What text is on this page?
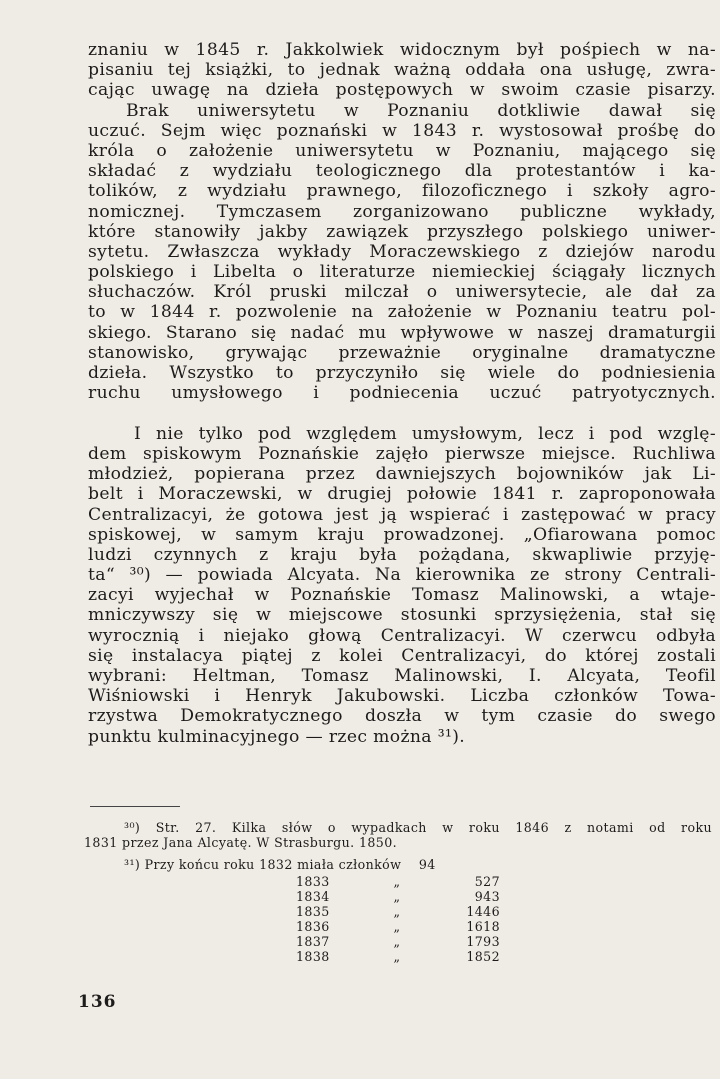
znaniu w 1845 r. Jakkolwiek widocznym był pośpiech w na-
pisaniu tej książki, to jednak ważną oddała ona usługę, zwra-
cając uwagę na dzieła postępowych w swoim czasie pisarzy.
Brak uniwersytetu w Poznaniu dotkliwie dawał się
uczuć. Sejm więc poznański w 1843 r. wystosował prośbę do
króla o założenie uniwersytetu w Poznaniu, mającego się
składać z wydziału teologicznego dla protestantów i ka-
tolików, z wydziału prawnego, filozoficznego i szkoły agro-
nomicznej. Tymczasem zorganizowano publiczne wykłady,
które stanowiły jakby zawiązek przyszłego polskiego uniwer-
sytetu. Zwłaszcza wykłady Moraczewskiego z dziejów narodu
polskiego i Libelta o literaturze niemieckiej ściągały licznych
słuchaczów. Król pruski milczał o uniwersytecie, ale dał za
to w 1844 r. pozwolenie na założenie w Poznaniu teatru pol-
skiego. Starano się nadać mu wpływowe w naszej dramaturgii
stanowisko, grywając przeważnie oryginalne dramatyczne
dzieła. Wszystko to przyczyniło się wiele do podniesienia
ruchu umysłowego i podniecenia uczuć patryotycznych.
I nie tylko pod względem umysłowym, lecz i pod wzglę-
dem spiskowym Poznańskie zajęło pierwsze miejsce. Ruchliwa
młodzież, popierana przez dawniejszych bojowników jak Li-
belt i Moraczewski, w drugiej połowie 1841 r. zaproponowała
Centralizacyi, że gotowa jest ją wspierać i zastępować w pracy
spiskowej, w samym kraju prowadzonej. „Ofiarowana pomoc
ludzi czynnych z kraju była pożądana, skwapliwie przyję-
ta“ ³⁰) — powiada Alcyata. Na kierownika ze strony Centrali-
zacyi wyjechał w Poznańskie Tomasz Malinowski, a wtaje-
mniczywszy się w miejscowe stosunki sprzysiężenia, stał się
wyrocznią i niejako głową Centralizacyi. W czerwcu odbyła
się instalacya piątej z kolei Centralizacyi, do której zostali
wybrani: Heltman, Tomasz Malinowski, I. Alcyata, Teofil
Wiśniowski i Henryk Jakubowski. Liczba członków Towa-
rzystwa Demokratycznego doszła w tym czasie do swego
punktu kulminacyjnego — rzec można ³¹).
³⁰) Str. 27. Kilka słów o wypadkach w roku 1846 z notami od roku
1831 przez Jana Alcyatę. W Strasburgu. 1850.
³¹) Przy końcu roku 1832 miała członków    94
1833	„	527
1834	„	943
1835	„	1446
1836	„	1618
1837	„	1793
1838	„	1852
136
